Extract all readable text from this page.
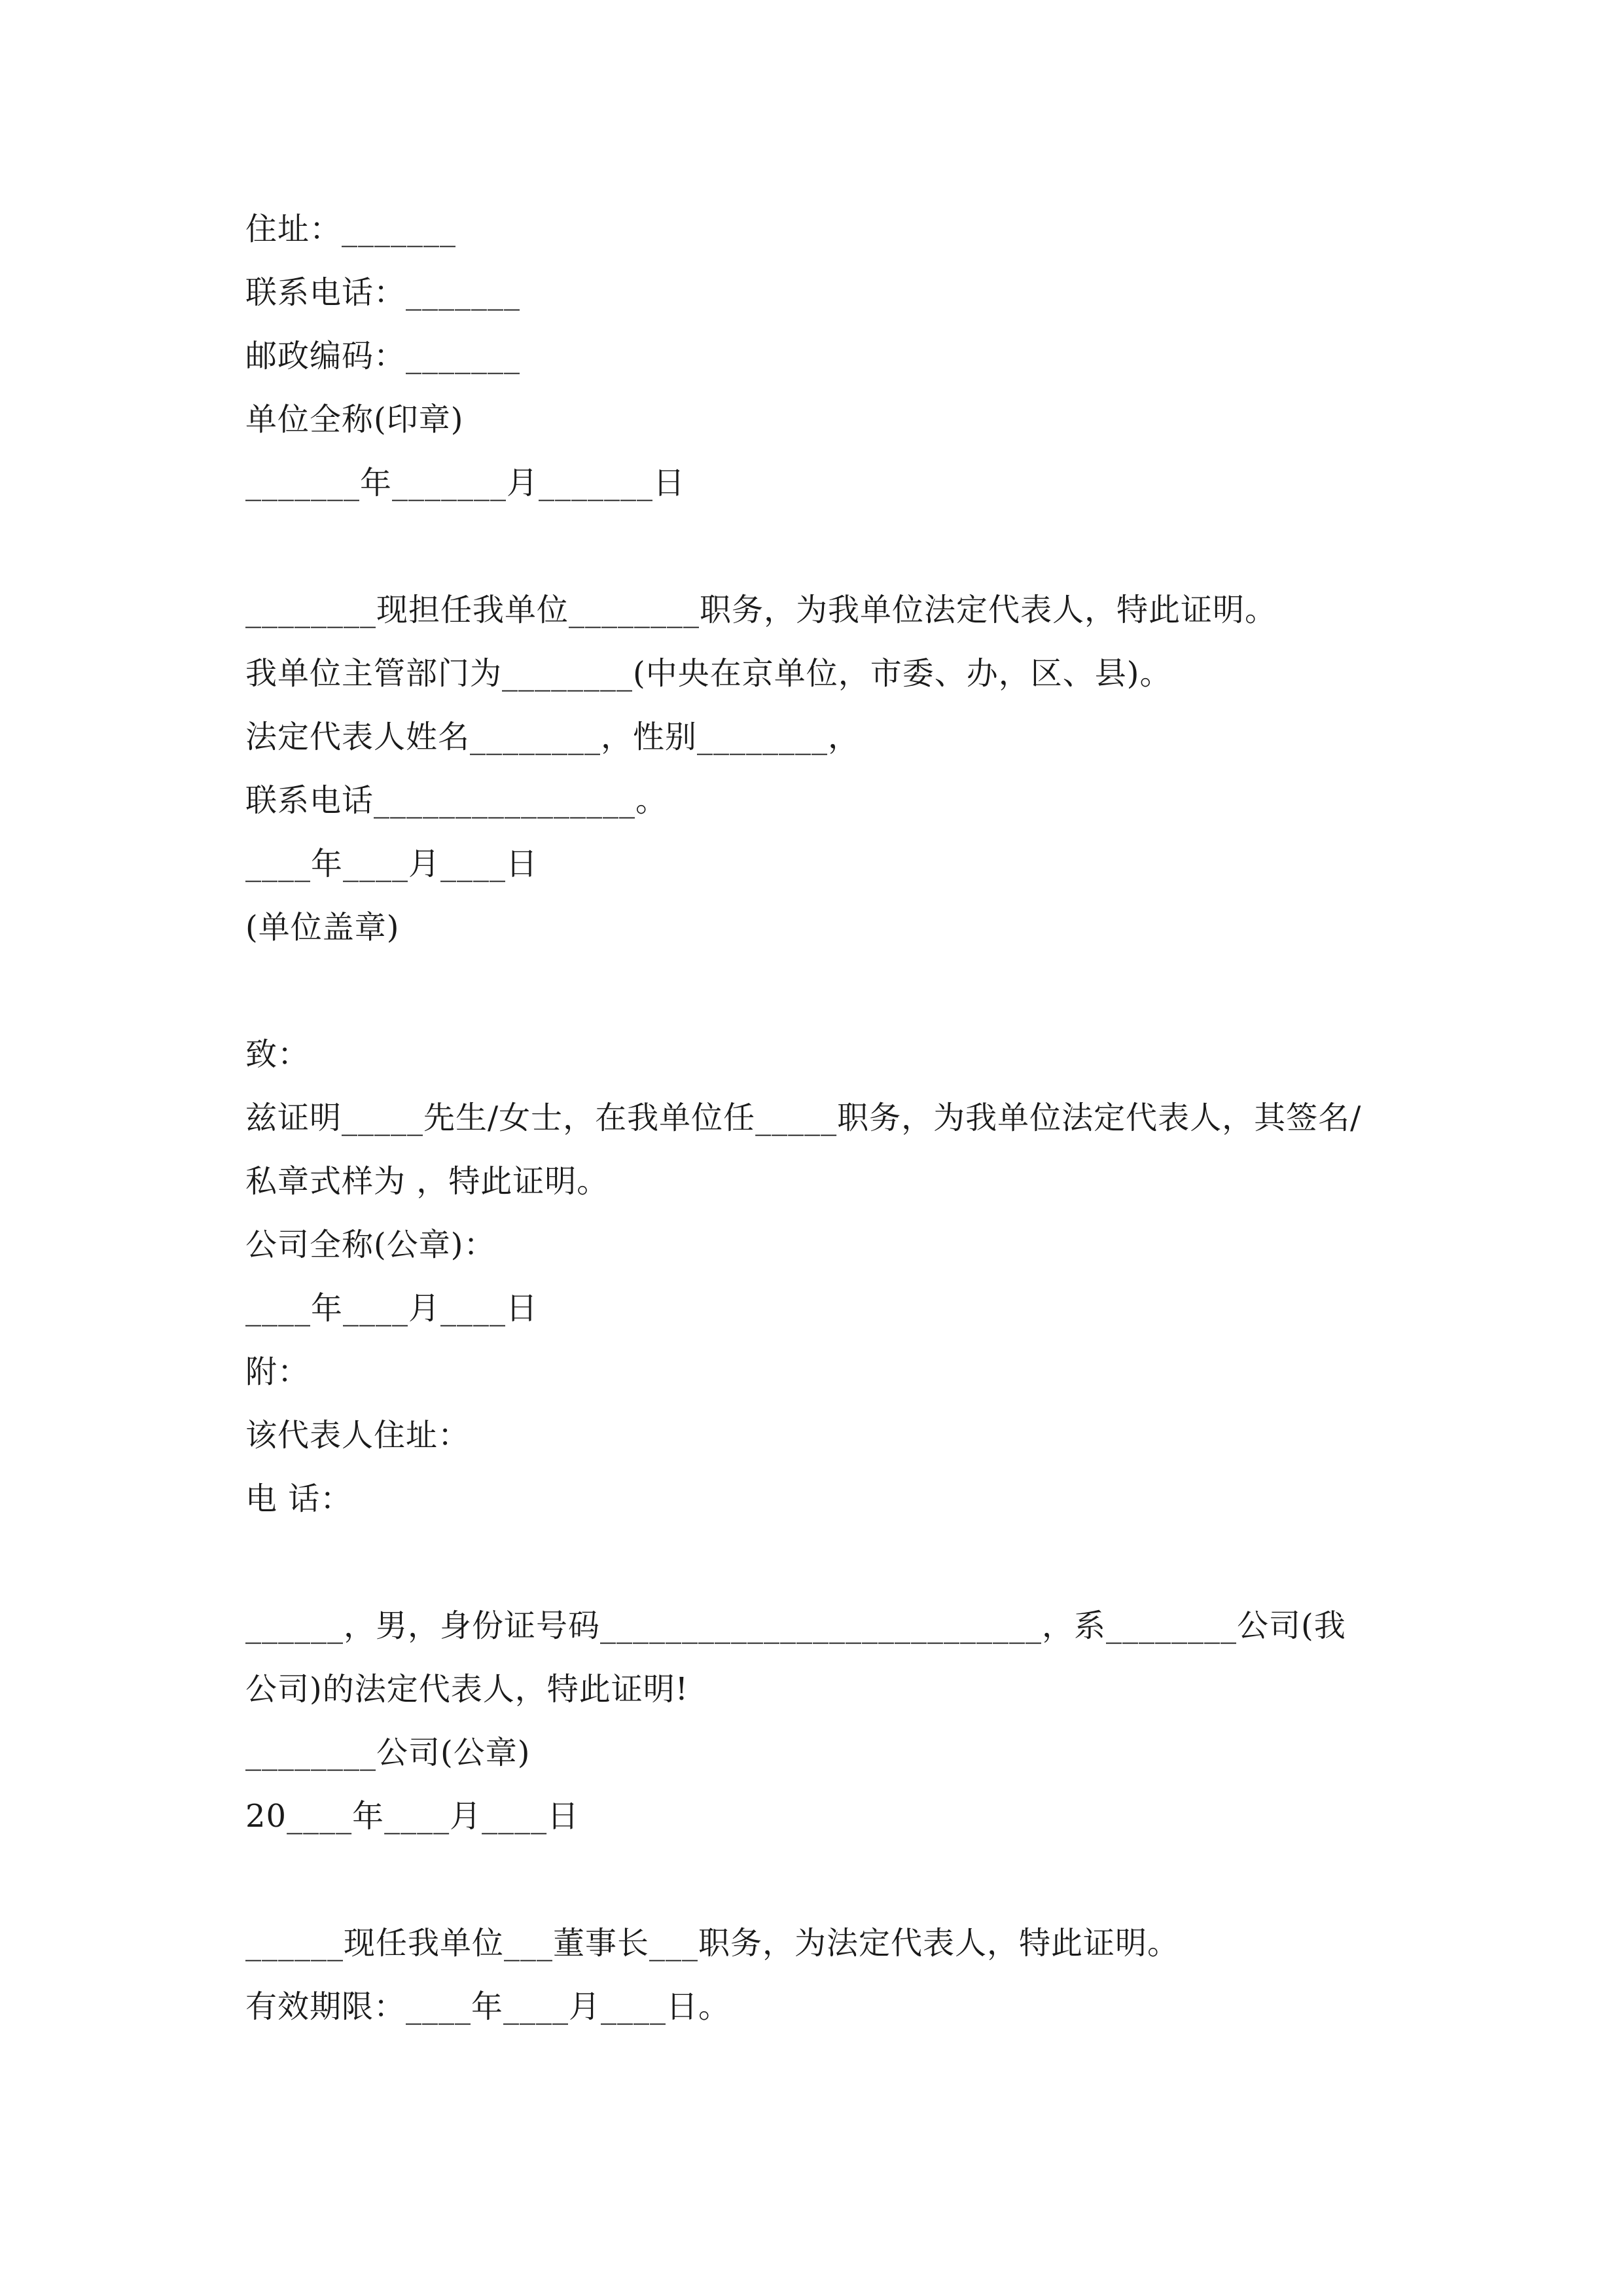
住址：_______
联系电话：_______
邮政编码：_______
单位全称(印章)
_______年_______月_______日
________现担任我单位________职务，为我单位法定代表人，特此证明。
我单位主管部门为________(中央在京单位，市委、办，区、县)。
法定代表人姓名________，性别________，
联系电话________________。
____年____月____日
(单位盖章)
致：
兹证明_____先生/女士，在我单位任_____职务，为我单位法定代表人，其签名/
私章式样为 ，特此证明。
公司全称(公章)：
____年____月____日
附：
该代表人住址：
电 话：
______，男，身份证号码___________________________，系________公司(我
公司)的法定代表人，特此证明!
________公司(公章)
20____年____月____日
______现任我单位___董事长___职务，为法定代表人，特此证明。
有效期限：____年____月____日。
